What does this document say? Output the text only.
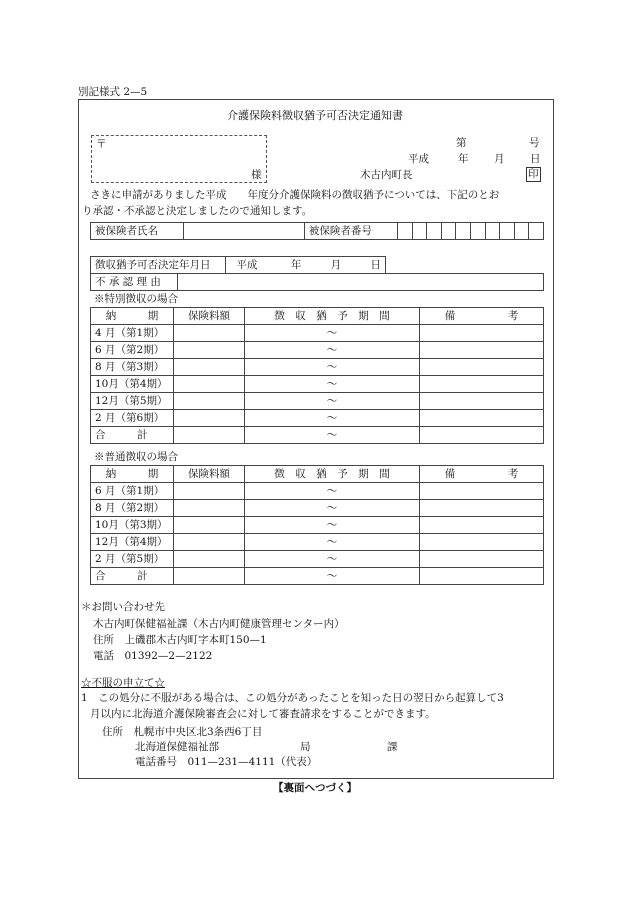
別記様式 2—5
介護保険料徴収猶予可否決定通知書
〒
様
第	号
平成	年 月 日
木古内町長	印
さきに申請がありました平成　　年度分介護保険料の徴収猶予については、下記のとお
り承認・不承認と決定しましたので通知します。
被保険者氏名		被保険者番号										
徴収猶予可否決定年月日	平成	年	月	日
不 承 認 理 由	
※特別徴収の場合
納　　　期	保険料額	徴　収　猶　予　期　間	備　　　　　考
4 月（第1期）		～	
6 月（第2期）		～	
8 月（第3期）		～	
10月（第4期）		～	
12月（第5期）		～	
2 月（第6期）		～	
合　　　計		～	
※普通徴収の場合
納　　　期	保険料額	徴　収　猶　予　期　間	備　　　　　考
6 月（第1期）		～	
8 月（第2期）		～	
10月（第3期）		～	
12月（第4期）		～	
2 月（第5期）		～	
合　　　計		～	
＊お問い合わせ先
木古内町保健福祉課（木古内町健康管理センター内）
住所　上磯郡木古内町字本町150—1
電話　01392—2—2122
☆不服の申立て☆
1　この処分に不服がある場合は、この処分があったことを知った日の翌日から起算して3
月以内に北海道介護保険審査会に対して審査請求をすることができます。
住所　札幌市中央区北3条西6丁目
北海道保健福祉部	局	課
電話番号　011—231—4111（代表）
【裏面へつづく】
